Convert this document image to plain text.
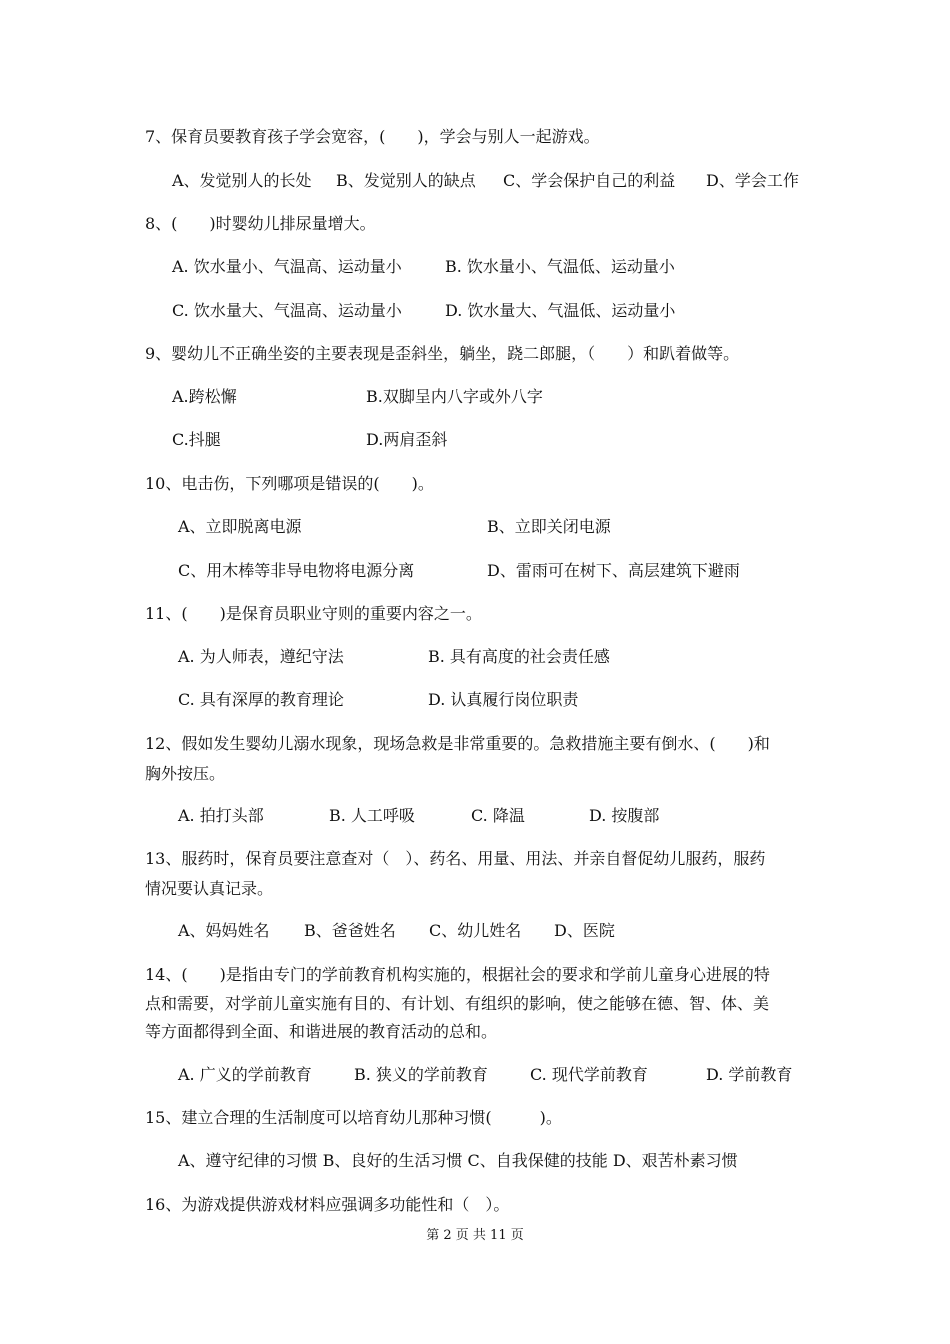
7、保育员要教育孩子学会宽容，(　　)，学会与别人一起游戏。
A、发觉别人的长处 B、发觉别人的缺点 C、学会保护自己的利益 D、学会工作
8、(　　)时婴幼儿排尿量增大。
A. 饮水量小、气温高、运动量小	B. 饮水量小、气温低、运动量小
C. 饮水量大、气温高、运动量小	D. 饮水量大、气温低、运动量小
9、婴幼儿不正确坐姿的主要表现是歪斜坐，躺坐，跷二郎腿，（　　）和趴着做等。
A.跨松懈	B.双脚呈内八字或外八字
C.抖腿	D.两肩歪斜
10、电击伤，下列哪项是错误的(　　)。
A、立即脱离电源	B、立即关闭电源
C、用木棒等非导电物将电源分离	D、雷雨可在树下、高层建筑下避雨
11、(　　)是保育员职业守则的重要内容之一。
A. 为人师表，遵纪守法	B. 具有高度的社会责任感
C. 具有深厚的教育理论	D. 认真履行岗位职责
12、假如发生婴幼儿溺水现象，现场急救是非常重要的。急救措施主要有倒水、(　　)和
胸外按压。
A. 拍打头部	B. 人工呼吸	C. 降温	D. 按腹部
13、服药时，保育员要注意查对（　）、药名、用量、用法、并亲自督促幼儿服药，服药
情况要认真记录。
A、妈妈姓名 B、爸爸姓名 C、幼儿姓名 D、医院
14、(　　)是指由专门的学前教育机构实施的，根据社会的要求和学前儿童身心进展的特
点和需要，对学前儿童实施有目的、有计划、有组织的影响，使之能够在德、智、体、美
等方面都得到全面、和谐进展的教育活动的总和。
A. 广义的学前教育	B. 狭义的学前教育	C. 现代学前教育	D. 学前教育
15、建立合理的生活制度可以培育幼儿那种习惯(　　　)。
A、遵守纪律的习惯 B、良好的生活习惯 C、自我保健的技能 D、艰苦朴素习惯
16、为游戏提供游戏材料应强调多功能性和（　）。
第 2 页 共 11 页
